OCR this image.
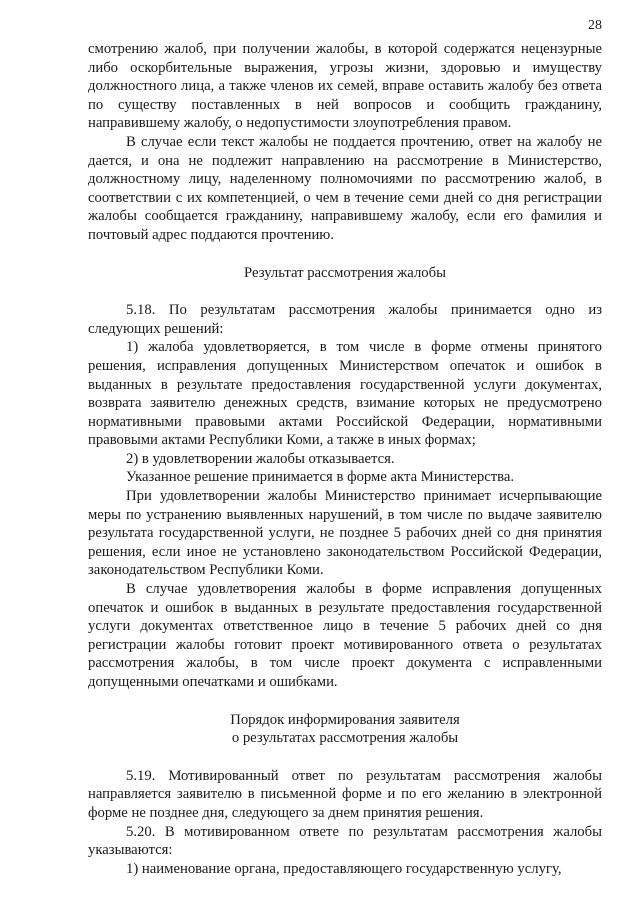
28

смотрению жалоб, при получении жалобы, в которой содержатся нецензурные либо оскорбительные выражения, угрозы жизни, здоровью и имуществу должностного лица, а также членов их семей, вправе оставить жалобу без ответа по существу поставленных в ней вопросов и сообщить гражданину, направившему жалобу, о недопустимости злоупотребления правом.

В случае если текст жалобы не поддается прочтению, ответ на жалобу не дается, и она не подлежит направлению на рассмотрение в Министерство, должностному лицу, наделенному полномочиями по рассмотрению жалоб, в соответствии с их компетенцией, о чем в течение семи дней со дня регистрации жалобы сообщается гражданину, направившему жалобу, если его фамилия и почтовый адрес поддаются прочтению.

Результат рассмотрения жалобы

5.18. По результатам рассмотрения жалобы принимается одно из следующих решений:

1) жалоба удовлетворяется, в том числе в форме отмены принятого решения, исправления допущенных Министерством опечаток и ошибок в выданных в результате предоставления государственной услуги документах, возврата заявителю денежных средств, взимание которых не предусмотрено нормативными правовыми актами Российской Федерации, нормативными правовыми актами Республики Коми, а также в иных формах;

2) в удовлетворении жалобы отказывается.

Указанное решение принимается в форме акта Министерства.

При удовлетворении жалобы Министерство принимает исчерпывающие меры по устранению выявленных нарушений, в том числе по выдаче заявителю результата государственной услуги, не позднее 5 рабочих дней со дня принятия решения, если иное не установлено законодательством Российской Федерации, законодательством Республики Коми.

В случае удовлетворения жалобы в форме исправления допущенных опечаток и ошибок в выданных в результате предоставления государственной услуги документах ответственное лицо в течение 5 рабочих дней со дня регистрации жалобы готовит проект мотивированного ответа о результатах рассмотрения жалобы, в том числе проект документа с исправленными допущенными опечатками и ошибками.

Порядок информирования заявителя

о результатах рассмотрения жалобы

5.19. Мотивированный ответ по результатам рассмотрения жалобы направляется заявителю в письменной форме и по его желанию в электронной форме не позднее дня, следующего за днем принятия решения.

5.20. В мотивированном ответе по результатам рассмотрения жалобы указываются:

1) наименование органа, предоставляющего государственную услугу,
